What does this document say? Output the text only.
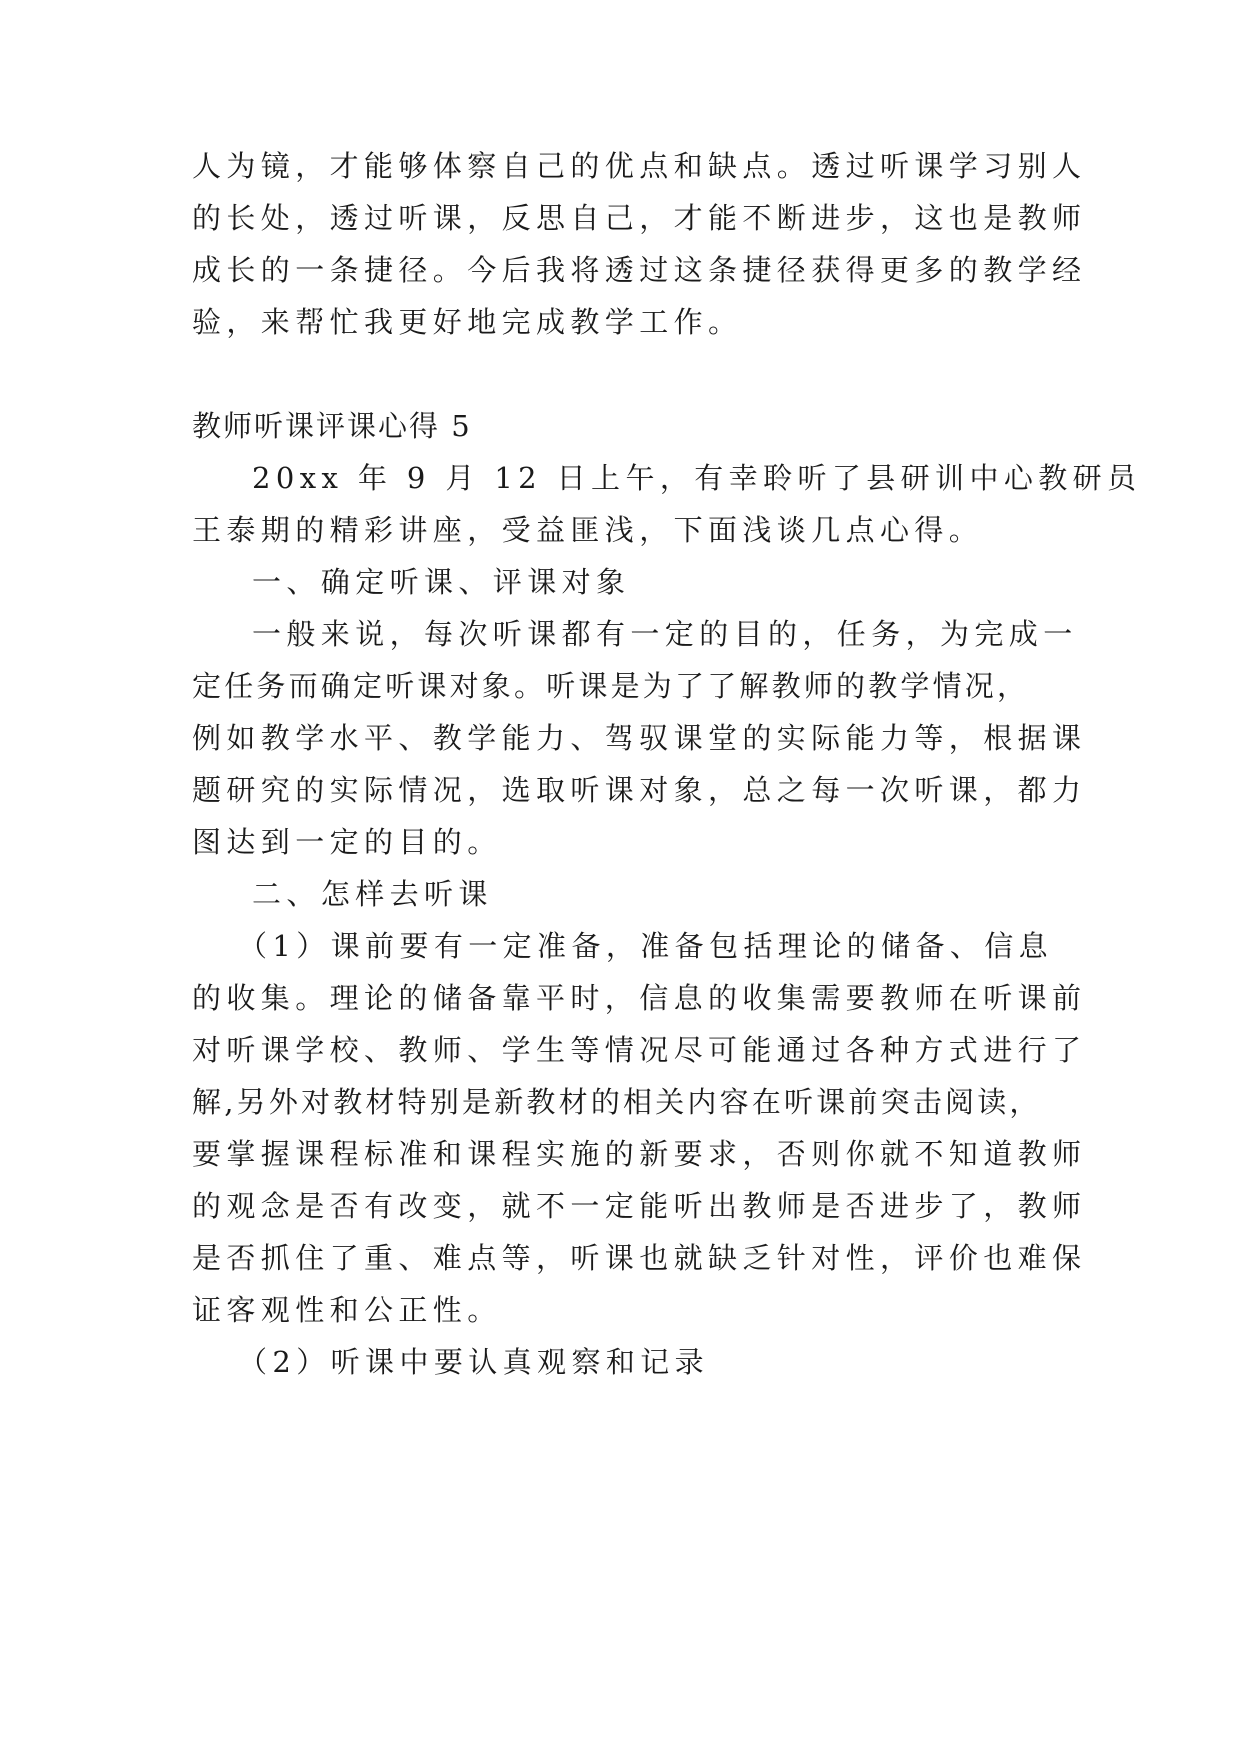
人为镜，才能够体察自己的优点和缺点。透过听课学习别人
的长处，透过听课，反思自己，才能不断进步，这也是教师
成长的一条捷径。今后我将透过这条捷径获得更多的教学经
验，来帮忙我更好地完成教学工作。
教师听课评课心得 5
20xx 年 9 月 12 日上午，有幸聆听了县研训中心教研员
王泰期的精彩讲座，受益匪浅，下面浅谈几点心得。
一、确定听课、评课对象
一般来说，每次听课都有一定的目的，任务，为完成一
定任务而确定听课对象。听课是为了了解教师的教学情况，
例如教学水平、教学能力、驾驭课堂的实际能力等，根据课
题研究的实际情况，选取听课对象，总之每一次听课，都力
图达到一定的目的。
二、怎样去听课
（1）课前要有一定准备，准备包括理论的储备、信息
的收集。理论的储备靠平时，信息的收集需要教师在听课前
对听课学校、教师、学生等情况尽可能通过各种方式进行了
解,另外对教材特别是新教材的相关内容在听课前突击阅读，
要掌握课程标准和课程实施的新要求，否则你就不知道教师
的观念是否有改变，就不一定能听出教师是否进步了，教师
是否抓住了重、难点等，听课也就缺乏针对性，评价也难保
证客观性和公正性。
（2）听课中要认真观察和记录
